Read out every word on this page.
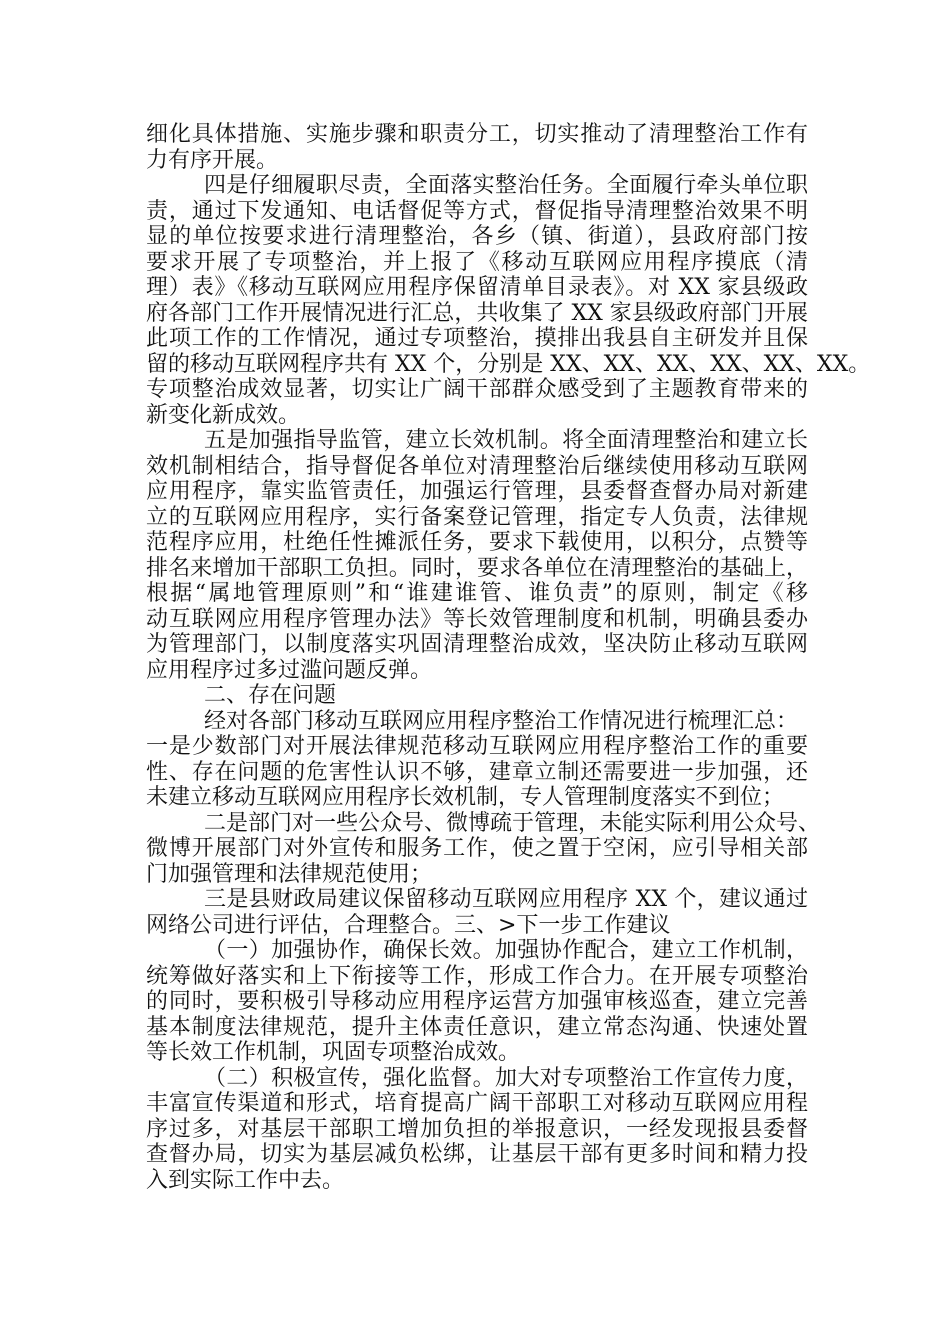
细化具体措施、实施步骤和职责分工，切实推动了清理整治工作有
力有序开展。
四是仔细履职尽责，全面落实整治任务。全面履行牵头单位职
责，通过下发通知、电话督促等方式，督促指导清理整治效果不明
显的单位按要求进行清理整治，各乡（镇、街道），县政府部门按
要求开展了专项整治，并上报了《移动互联网应用程序摸底（清
理）表》《移动互联网应用程序保留清单目录表》。对 XX 家县级政
府各部门工作开展情况进行汇总，共收集了 XX 家县级政府部门开展
此项工作的工作情况，通过专项整治，摸排出我县自主研发并且保
留的移动互联网程序共有 XX 个，分别是 XX、XX、XX、XX、XX、XX。
专项整治成效显著，切实让广阔干部群众感受到了主题教育带来的
新变化新成效。
五是加强指导监管，建立长效机制。将全面清理整治和建立长
效机制相结合，指导督促各单位对清理整治后继续使用移动互联网
应用程序，靠实监管责任，加强运行管理，县委督查督办局对新建
立的互联网应用程序，实行备案登记管理，指定专人负责，法律规
范程序应用，杜绝任性摊派任务，要求下载使用，以积分，点赞等
排名来增加干部职工负担。同时，要求各单位在清理整治的基础上，
根据“属地管理原则”和“谁建谁管、谁负责”的原则，制定《移
动互联网应用程序管理办法》等长效管理制度和机制，明确县委办
为管理部门，以制度落实巩固清理整治成效，坚决防止移动互联网
应用程序过多过滥问题反弹。
二、存在问题
经对各部门移动互联网应用程序整治工作情况进行梳理汇总：
一是少数部门对开展法律规范移动互联网应用程序整治工作的重要
性、存在问题的危害性认识不够，建章立制还需要进一步加强，还
未建立移动互联网应用程序长效机制，专人管理制度落实不到位；
二是部门对一些公众号、微博疏于管理，未能实际利用公众号、
微博开展部门对外宣传和服务工作，使之置于空闲，应引导相关部
门加强管理和法律规范使用；
三是县财政局建议保留移动互联网应用程序 XX 个，建议通过
网络公司进行评估，合理整合。三、>下一步工作建议
（一）加强协作，确保长效。加强协作配合，建立工作机制，
统筹做好落实和上下衔接等工作，形成工作合力。在开展专项整治
的同时，要积极引导移动应用程序运营方加强审核巡查，建立完善
基本制度法律规范，提升主体责任意识，建立常态沟通、快速处置
等长效工作机制，巩固专项整治成效。
（二）积极宣传，强化监督。加大对专项整治工作宣传力度，
丰富宣传渠道和形式，培育提高广阔干部职工对移动互联网应用程
序过多，对基层干部职工增加负担的举报意识，一经发现报县委督
查督办局，切实为基层减负松绑，让基层干部有更多时间和精力投
入到实际工作中去。
